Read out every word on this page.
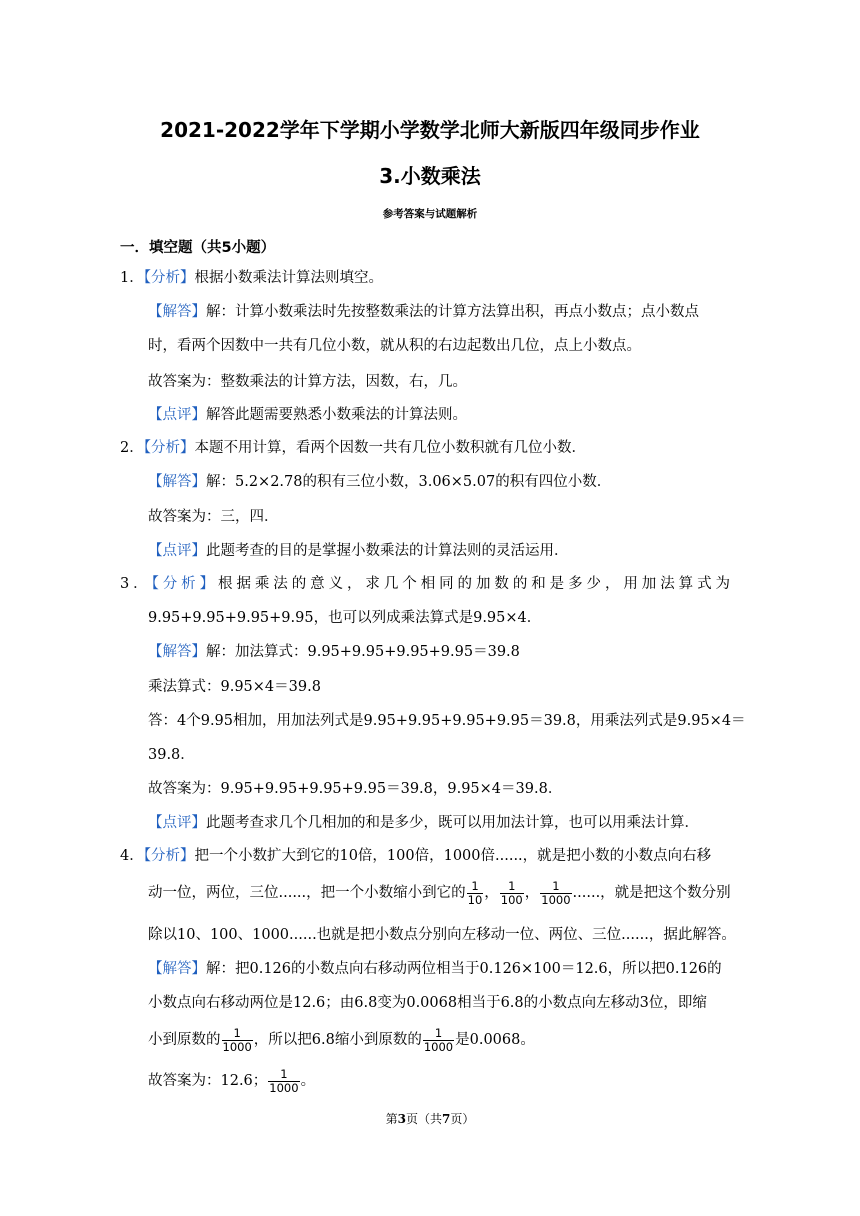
2021-2022学年下学期小学数学北师大新版四年级同步作业
3.小数乘法
参考答案与试题解析
一．填空题（共5小题）
1．【分析】根据小数乘法计算法则填空。
【解答】解：计算小数乘法时先按整数乘法的计算方法算出积，再点小数点；点小数点
时，看两个因数中一共有几位小数，就从积的右边起数出几位，点上小数点。
故答案为：整数乘法的计算方法，因数，右，几。
【点评】解答此题需要熟悉小数乘法的计算法则。
2．【分析】本题不用计算，看两个因数一共有几位小数积就有几位小数．
【解答】解：5.2×2.78的积有三位小数，3.06×5.07的积有四位小数．
故答案为：三，四．
【点评】此题考查的目的是掌握小数乘法的计算法则的灵活运用．
3．【分析】根据乘法的意义，求几个相同的加数的和是多少，用加法算式为
9.95+9.95+9.95+9.95，也可以列成乘法算式是9.95×4．
【解答】解：加法算式：9.95+9.95+9.95+9.95＝39.8
乘法算式：9.95×4＝39.8
答：4个9.95相加，用加法列式是9.95+9.95+9.95+9.95＝39.8，用乘法列式是9.95×4＝
39.8．
故答案为：9.95+9.95+9.95+9.95＝39.8，9.95×4＝39.8．
【点评】此题考查求几个几相加的和是多少，既可以用加法计算，也可以用乘法计算．
4．【分析】把一个小数扩大到它的10倍，100倍，1000倍......，就是把小数的小数点向右移
动一位，两位，三位......，把一个小数缩小到它的 $\frac{1}{10}$ ， $\frac{1}{100}$ ， $\frac{1}{1000}$ ......，就是把这个数分别
除以10、100、1000......也就是把小数点分别向左移动一位、两位、三位......，据此解答。
【解答】解：把0.126的小数点向右移动两位相当于0.126×100＝12.6，所以把0.126的
小数点向右移动两位是12.6；由6.8变为0.0068相当于6.8的小数点向左移动3位，即缩
小到原数的 $\frac{1}{1000}$ ，所以把6.8缩小到原数的 $\frac{1}{1000}$ 是0.0068。
故答案为：12.6； $\frac{1}{1000}$ 。
第3页（共7页）
